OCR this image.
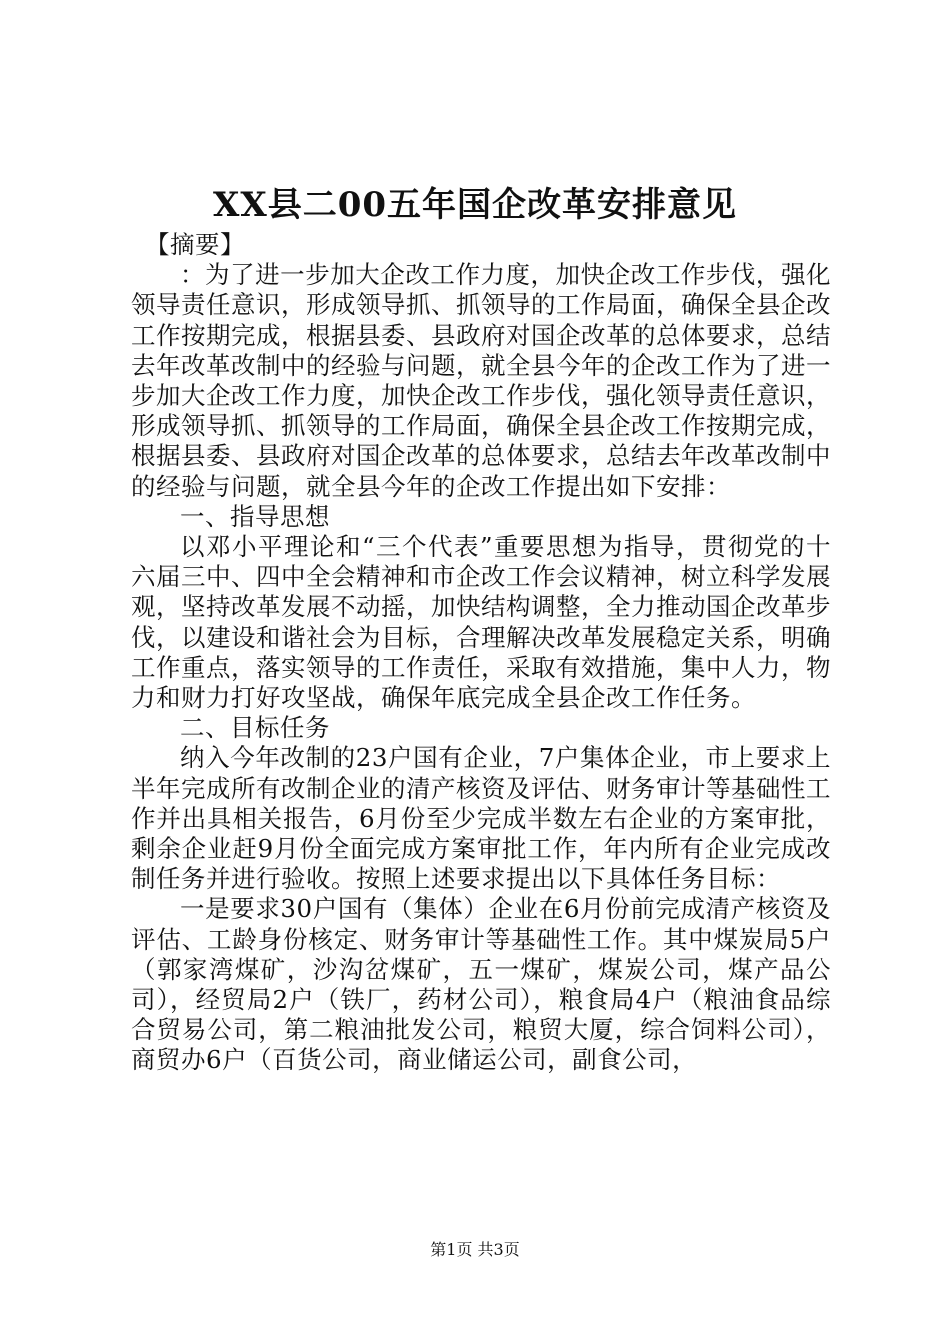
XX县二00五年国企改革安排意见

【摘要】

：为了进一步加大企改工作力度，加快企改工作步伐，强化领导责任意识，形成领导抓、抓领导的工作局面，确保全县企改工作按期完成，根据县委、县政府对国企改革的总体要求，总结去年改革改制中的经验与问题，就全县今年的企改工作为了进一步加大企改工作力度，加快企改工作步伐，强化领导责任意识，形成领导抓、抓领导的工作局面，确保全县企改工作按期完成，根据县委、县政府对国企改革的总体要求，总结去年改革改制中的经验与问题，就全县今年的企改工作提出如下安排：

一、指导思想

以邓小平理论和“三个代表”重要思想为指导，贯彻党的十六届三中、四中全会精神和市企改工作会议精神，树立科学发展观，坚持改革发展不动摇，加快结构调整，全力推动国企改革步伐，以建设和谐社会为目标，合理解决改革发展稳定关系，明确工作重点，落实领导的工作责任，采取有效措施，集中人力，物力和财力打好攻坚战，确保年底完成全县企改工作任务。

二、目标任务

纳入今年改制的23户国有企业，7户集体企业，市上要求上半年完成所有改制企业的清产核资及评估、财务审计等基础性工作并出具相关报告，6月份至少完成半数左右企业的方案审批，剩余企业赶9月份全面完成方案审批工作，年内所有企业完成改制任务并进行验收。按照上述要求提出以下具体任务目标：

一是要求30户国有（集体）企业在6月份前完成清产核资及评估、工龄身份核定、财务审计等基础性工作。其中煤炭局5户（郭家湾煤矿，沙沟岔煤矿，五一煤矿，煤炭公司，煤产品公司），经贸局2户（铁厂，药材公司），粮食局4户（粮油食品综合贸易公司，第二粮油批发公司，粮贸大厦，综合饲料公司），商贸办6户（百货公司，商业储运公司，副食公司，

第1页 共3页
